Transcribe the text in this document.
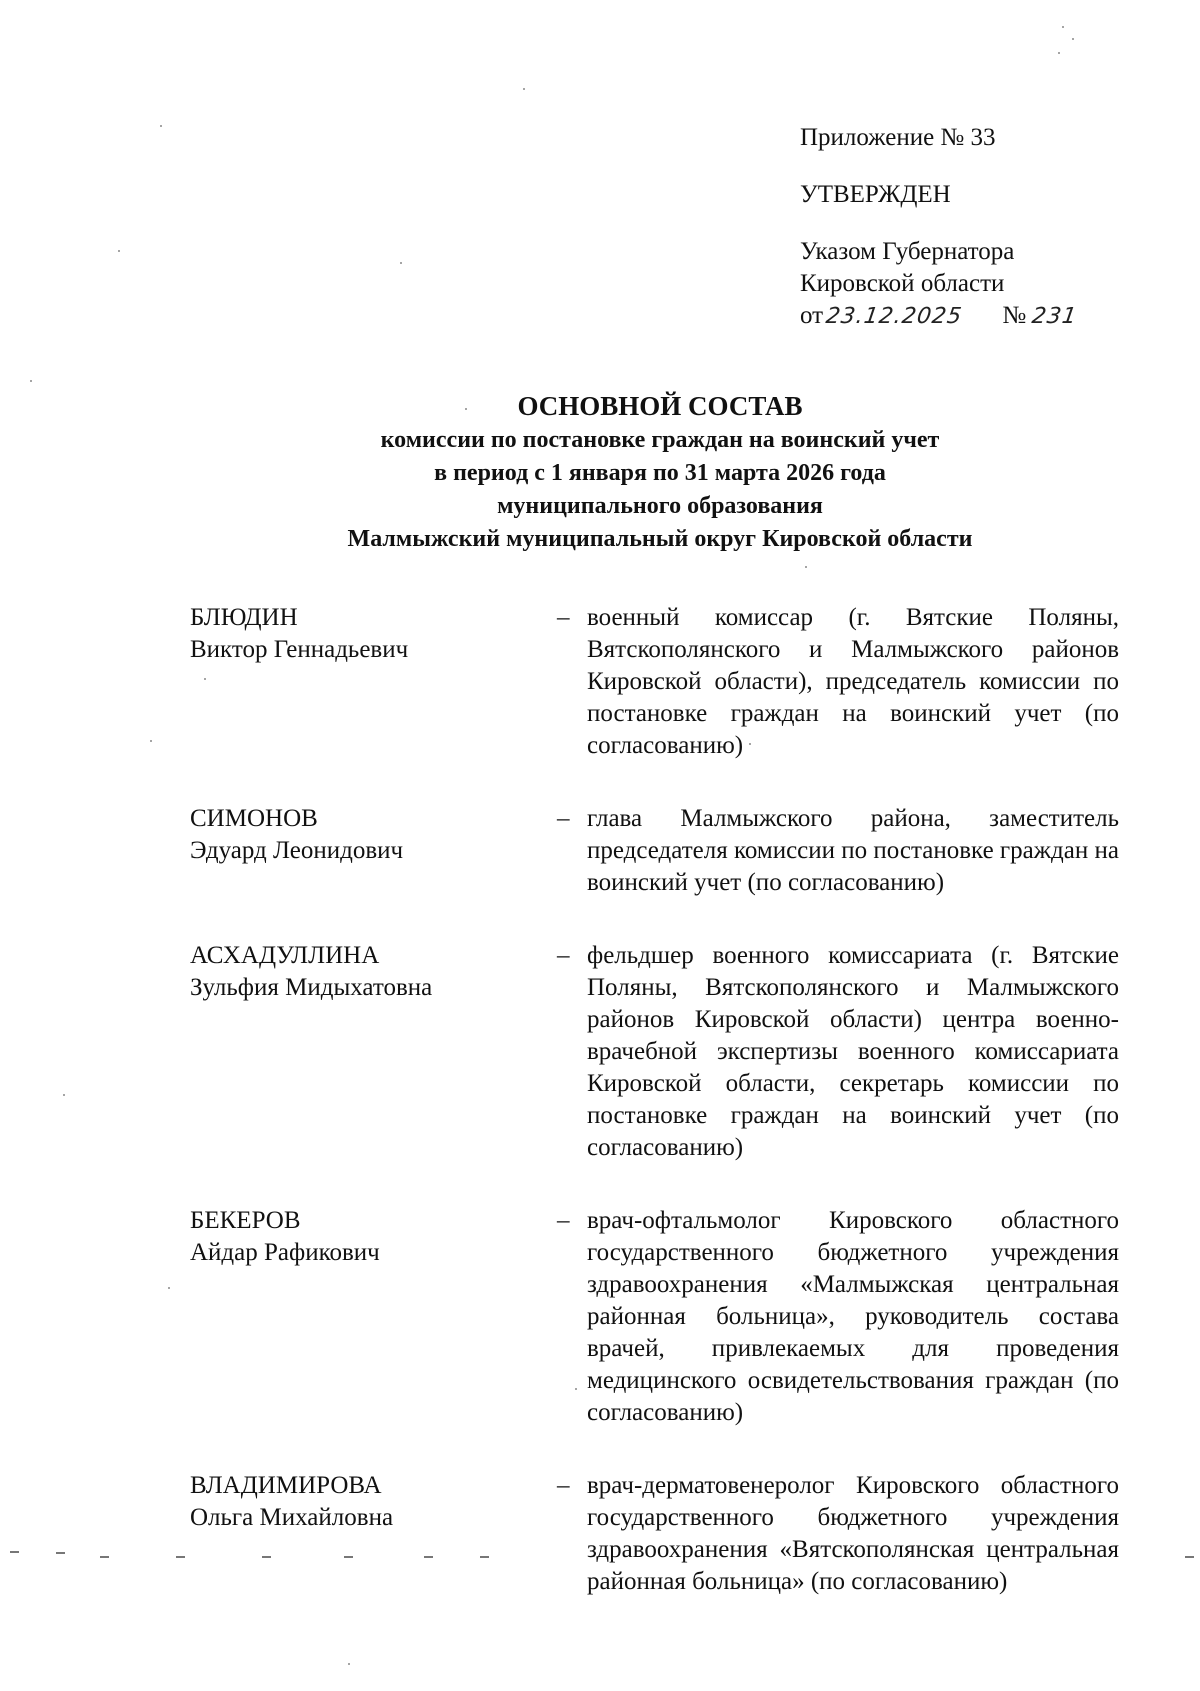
Приложение № 33
УТВЕРЖДЕН
Указом Губернатора
Кировской области
от23.12.2025 № 231
ОСНОВНОЙ СОСТАВ
комиссии по постановке граждан на воинский учет
в период с 1 января по 31 марта 2026 года
муниципального образования
Малмыжский муниципальный округ Кировской области
БЛЮДИН
Виктор Геннадьевич
– военный комиссар (г. Вятские Поляны, Вятскополянского и Малмыжского районов Кировской области), председатель комиссии по постановке граждан на воинский учет (по согласованию)
СИМОНОВ
Эдуард Леонидович
– глава Малмыжского района, заместитель председателя комиссии по постановке граждан на воинский учет (по согласованию)
АСХАДУЛЛИНА
Зульфия Мидыхатовна
– фельдшер военного комиссариата (г. Вятские Поляны, Вятскополянского и Малмыжского районов Кировской области) центра военно-врачебной экспертизы военного комиссариата Кировской области, секретарь комиссии по постановке граждан на воинский учет (по согласованию)
БЕКЕРОВ
Айдар Рафикович
– врач-офтальмолог Кировского областного государственного бюджетного учреждения здравоохранения «Малмыжская центральная районная больница», руководитель состава врачей, привлекаемых для проведения медицинского освидетельствования граждан (по согласованию)
ВЛАДИМИРОВА
Ольга Михайловна
– врач-дерматовенеролог Кировского областного государственного бюджетного учреждения здравоохранения «Вятскополянская центральная районная больница» (по согласованию)
